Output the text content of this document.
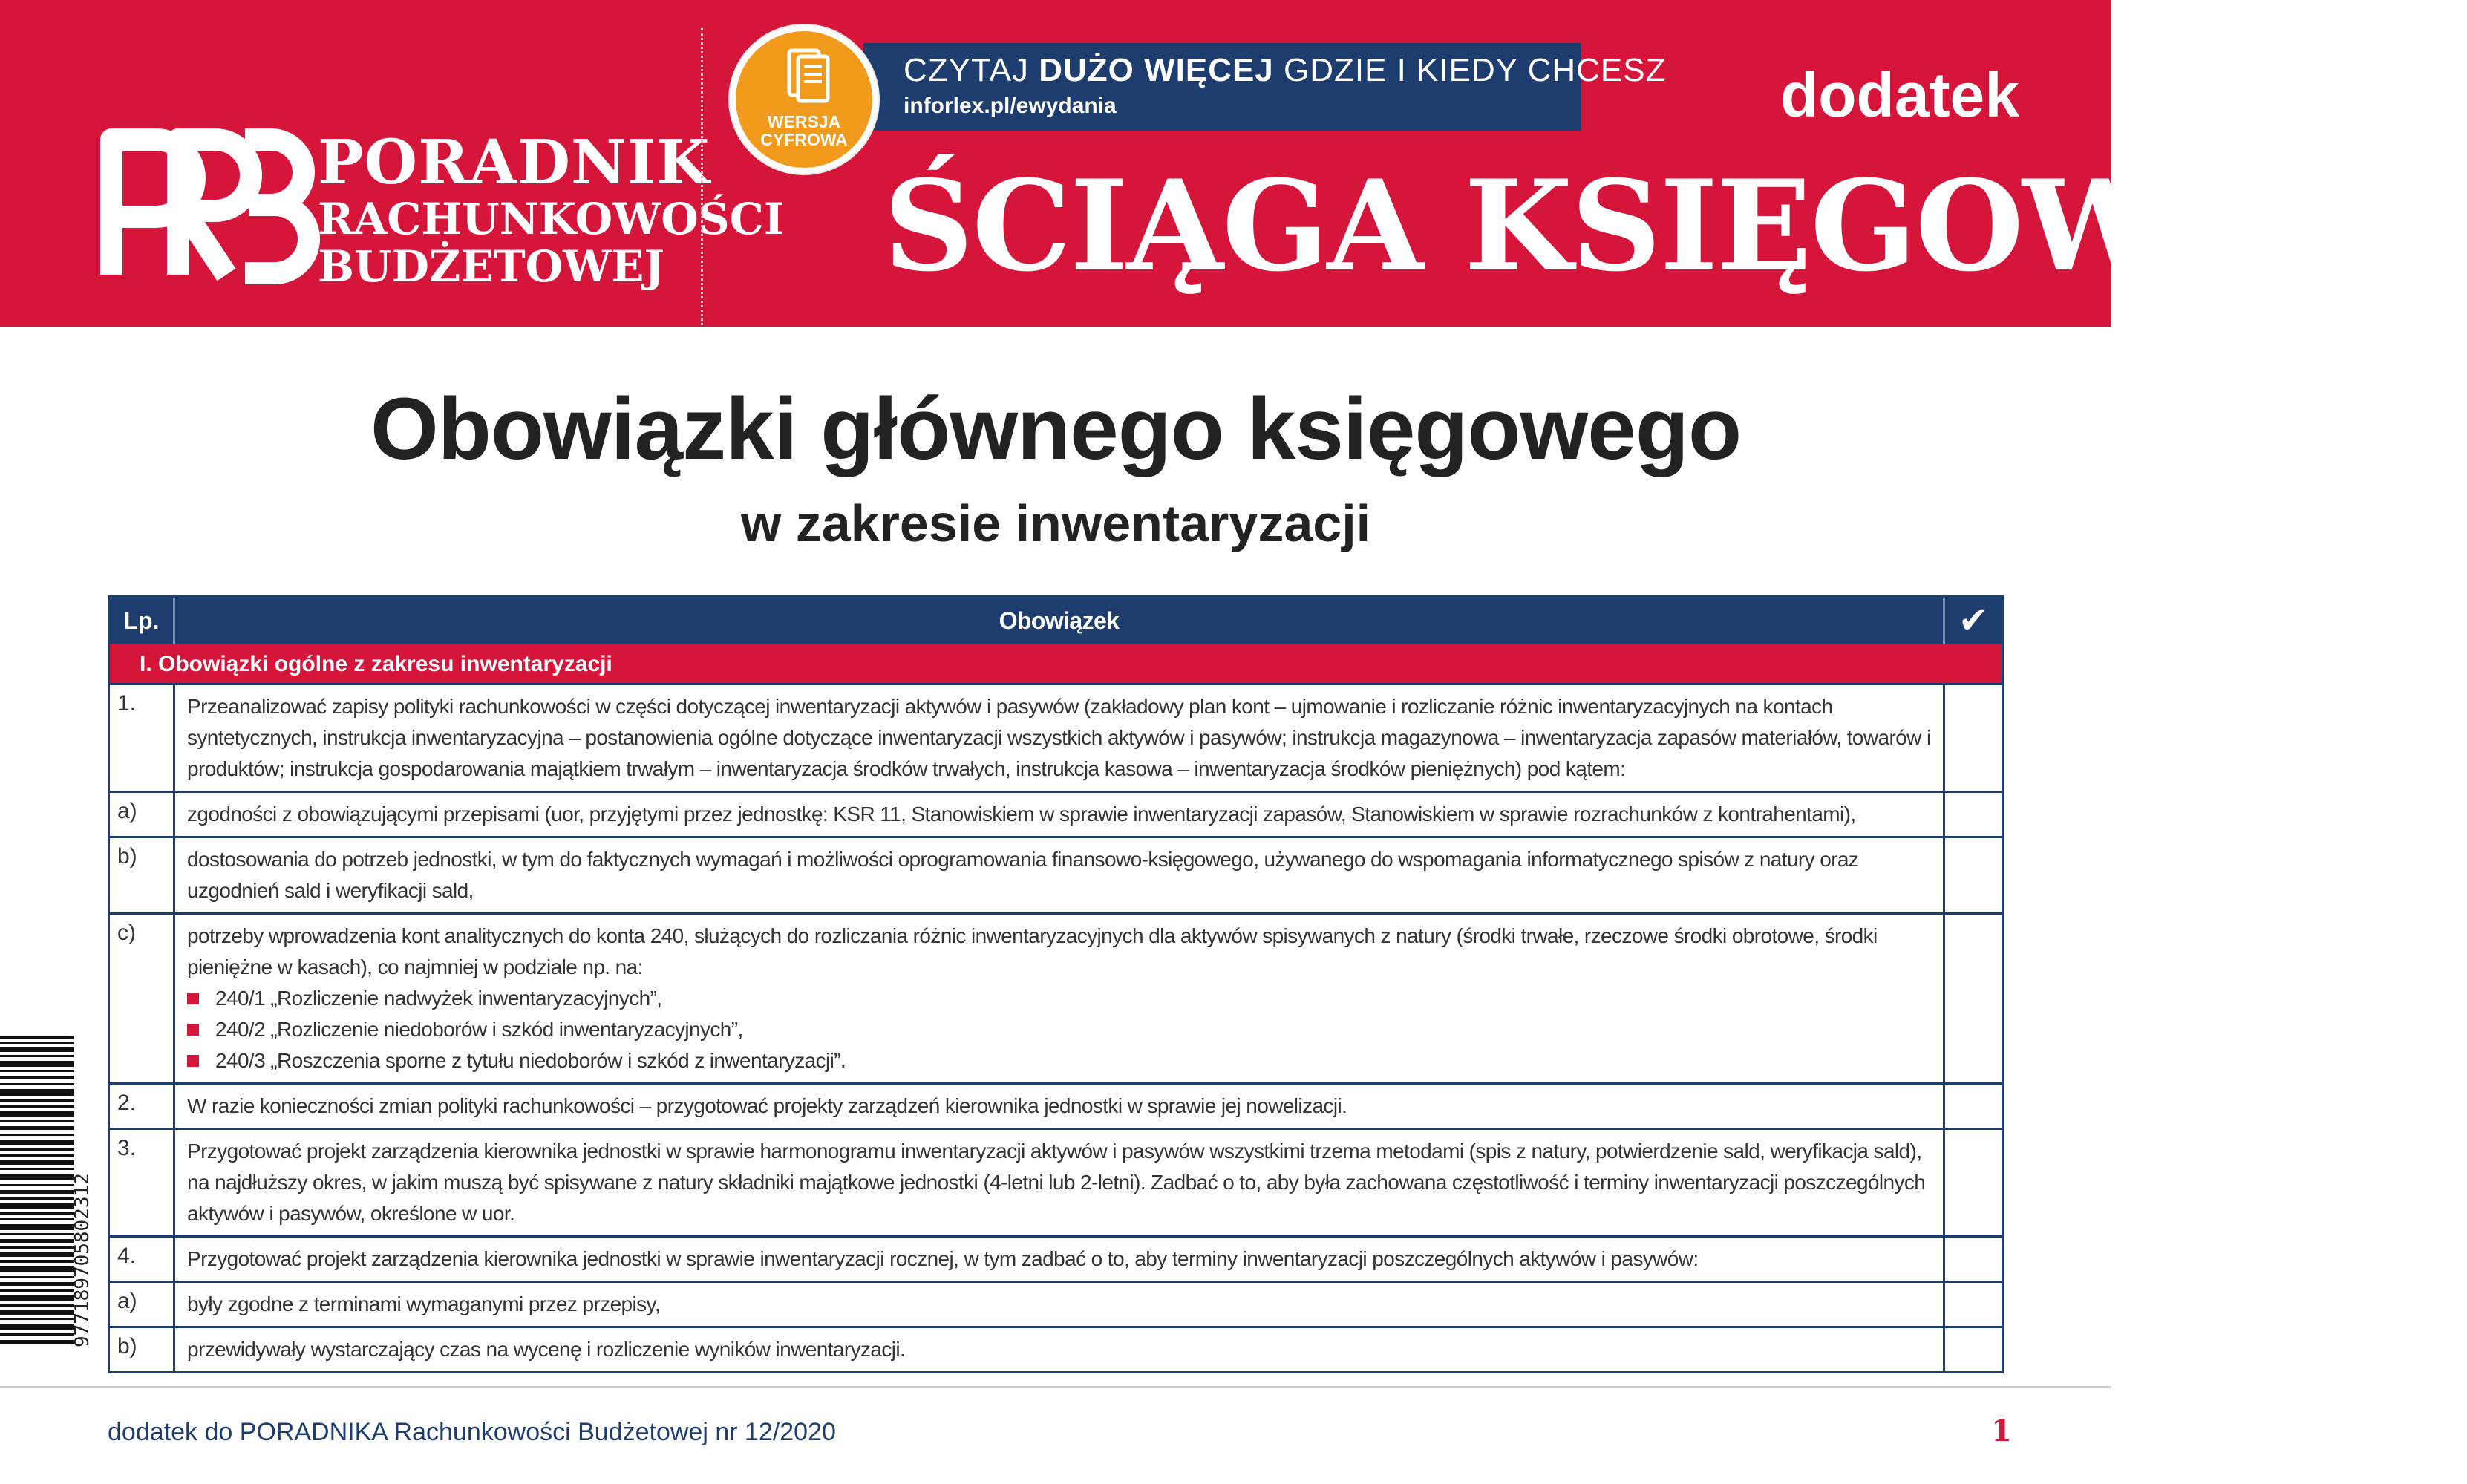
PORADNIK
RACHUNKOWOŚCI
BUDŻETOWEJ
CZYTAJ DUŻO WIĘCEJ GDZIE I KIEDY CHCESZ
inforlex.pl/ewydania
WERSJA
CYFROWA
dodatek
ŚCIĄGA KSIĘGOWEGO
Obowiązki głównego księgowego
w zakresie inwentaryzacji
Lp.	Obowiązek	✔
I. Obowiązki ogólne z zakresu inwentaryzacji
1.	Przeanalizować zapisy polityki rachunkowości w części dotyczącej inwentaryzacji aktywów i pasywów (zakładowy plan kont – ujmowanie i rozliczanie różnic inwentaryzacyjnych na kontach syntetycznych, instrukcja inwentaryzacyjna – postanowienia ogólne dotyczące inwentaryzacji wszystkich aktywów i pasywów; instrukcja magazynowa – inwentaryzacja zapasów materiałów, towarów i produktów; instrukcja gospodarowania majątkiem trwałym – inwentaryzacja środków trwałych, instrukcja kasowa – inwentaryzacja środków pieniężnych) pod kątem:
a)	zgodności z obowiązującymi przepisami (uor, przyjętymi przez jednostkę: KSR 11, Stanowiskiem w sprawie inwentaryzacji zapasów, Stanowiskiem w sprawie rozrachunków z kontrahentami),
b)	dostosowania do potrzeb jednostki, w tym do faktycznych wymagań i możliwości oprogramowania finansowo-księgowego, używanego do wspomagania informatycznego spisów z natury oraz uzgodnień sald i weryfikacji sald,
c)	potrzeby wprowadzenia kont analitycznych do konta 240, służących do rozliczania różnic inwentaryzacyjnych dla aktywów spisywanych z natury (środki trwałe, rzeczowe środki obrotowe, środki pieniężne w kasach), co najmniej w podziale np. na:
240/1 „Rozliczenie nadwyżek inwentaryzacyjnych”,
240/2 „Rozliczenie niedoborów i szkód inwentaryzacyjnych”,
240/3 „Roszczenia sporne z tytułu niedoborów i szkód z inwentaryzacji”.
2.	W razie konieczności zmian polityki rachunkowości – przygotować projekty zarządzeń kierownika jednostki w sprawie jej nowelizacji.
3.	Przygotować projekt zarządzenia kierownika jednostki w sprawie harmonogramu inwentaryzacji aktywów i pasywów wszystkimi trzema metodami (spis z natury, potwierdzenie sald, weryfikacja sald), na najdłuższy okres, w jakim muszą być spisywane z natury składniki majątkowe jednostki (4-letni lub 2-letni). Zadbać o to, aby była zachowana częstotliwość i terminy inwentaryzacji poszczególnych aktywów i pasywów, określone w uor.
4.	Przygotować projekt zarządzenia kierownika jednostki w sprawie inwentaryzacji rocznej, w tym zadbać o to, aby terminy inwentaryzacji poszczególnych aktywów i pasywów:
a)	były zgodne z terminami wymaganymi przez przepisy,
b)	przewidywały wystarczający czas na wycenę i rozliczenie wyników inwentaryzacji.
977189705802312
dodatek do PORADNIKA Rachunkowości Budżetowej nr 12/2020	1
